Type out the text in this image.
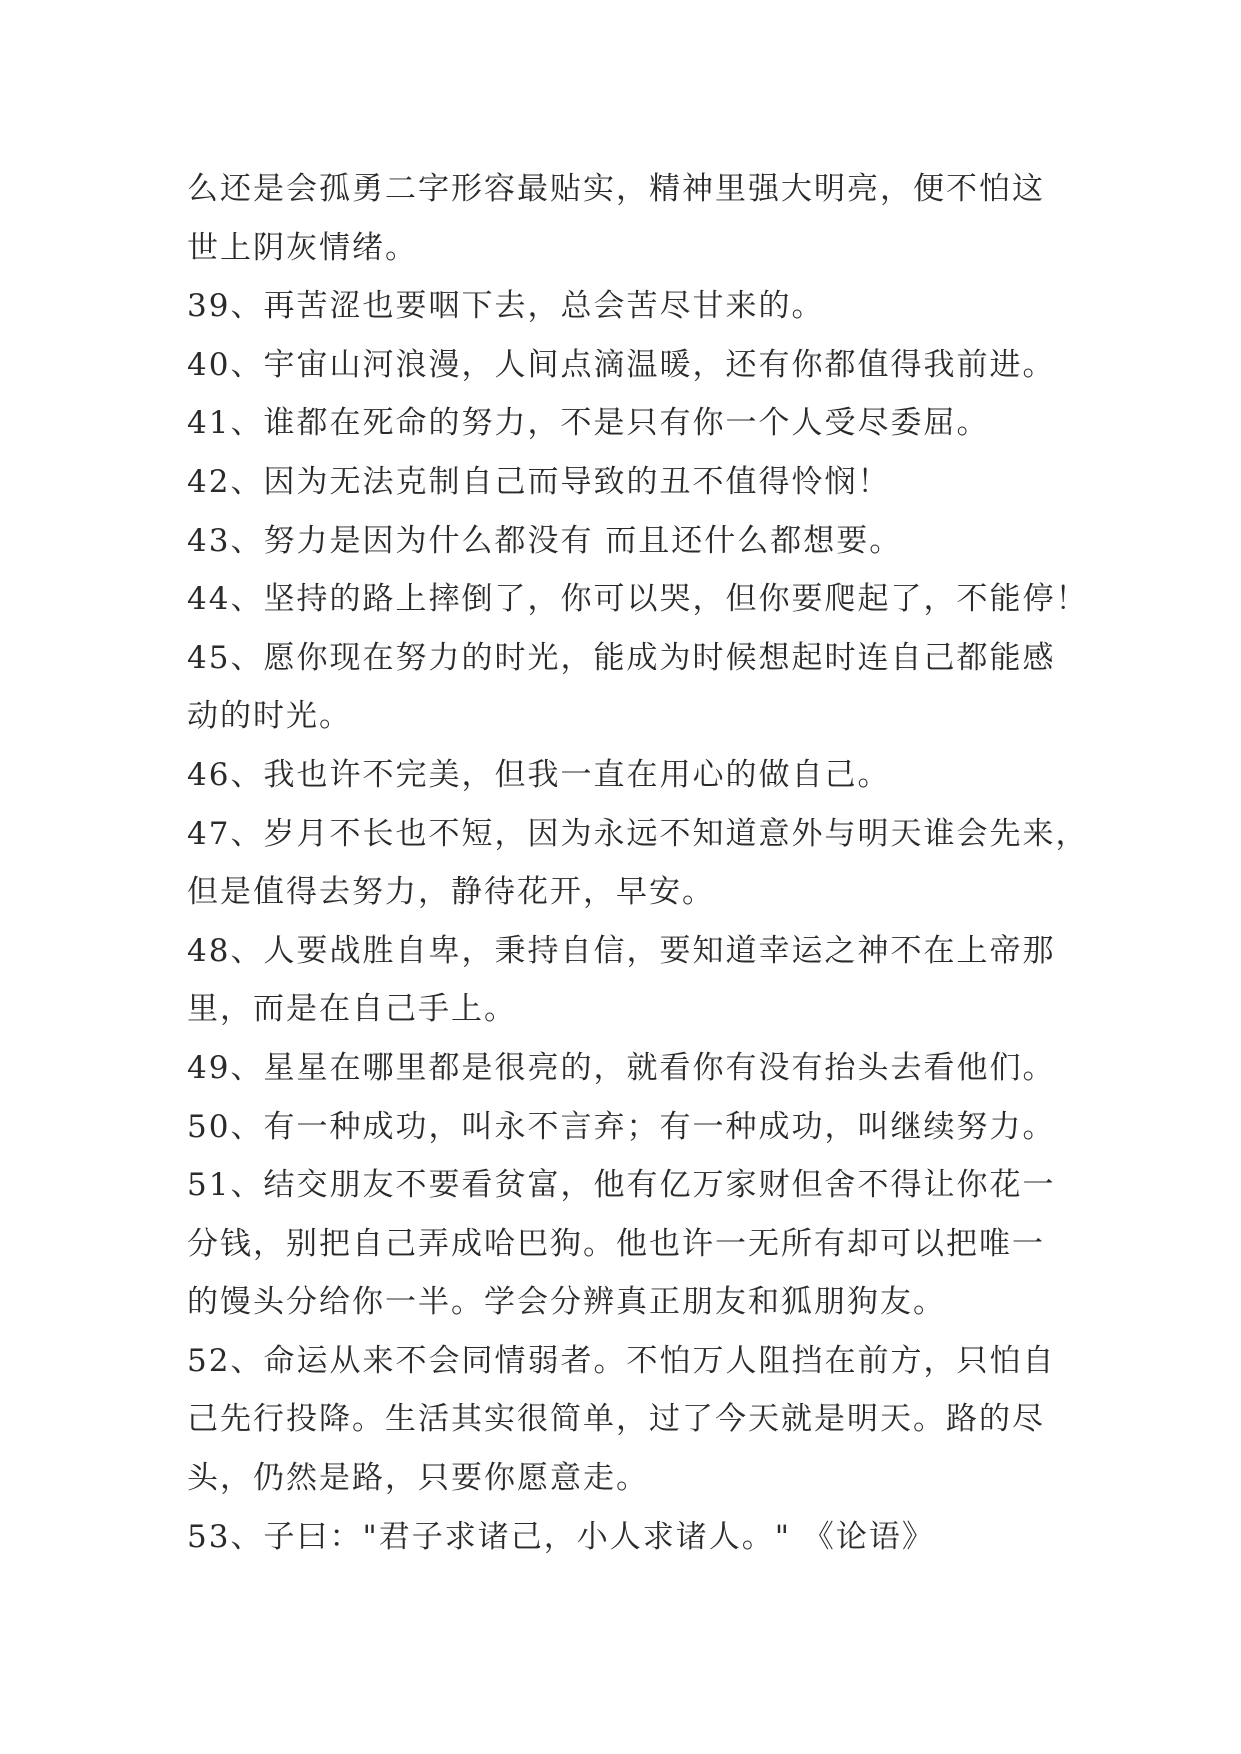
么还是会孤勇二字形容最贴实，精神里强大明亮，便不怕这
世上阴灰情绪。
39、再苦涩也要咽下去，总会苦尽甘来的。
40、宇宙山河浪漫，人间点滴温暖，还有你都值得我前进。
41、谁都在死命的努力，不是只有你一个人受尽委屈。
42、因为无法克制自己而导致的丑不值得怜悯！
43、努力是因为什么都没有 而且还什么都想要。
44、坚持的路上摔倒了，你可以哭，但你要爬起了，不能停！
45、愿你现在努力的时光，能成为时候想起时连自己都能感
动的时光。
46、我也许不完美，但我一直在用心的做自己。
47、岁月不长也不短，因为永远不知道意外与明天谁会先来，
但是值得去努力，静待花开，早安。
48、人要战胜自卑，秉持自信，要知道幸运之神不在上帝那
里，而是在自己手上。
49、星星在哪里都是很亮的，就看你有没有抬头去看他们。
50、有一种成功，叫永不言弃；有一种成功，叫继续努力。
51、结交朋友不要看贫富，他有亿万家财但舍不得让你花一
分钱，别把自己弄成哈巴狗。他也许一无所有却可以把唯一
的馒头分给你一半。学会分辨真正朋友和狐朋狗友。
52、命运从来不会同情弱者。不怕万人阻挡在前方，只怕自
己先行投降。生活其实很简单，过了今天就是明天。路的尽
头，仍然是路，只要你愿意走。
53、子曰："君子求诸己，小人求诸人。" 《论语》
